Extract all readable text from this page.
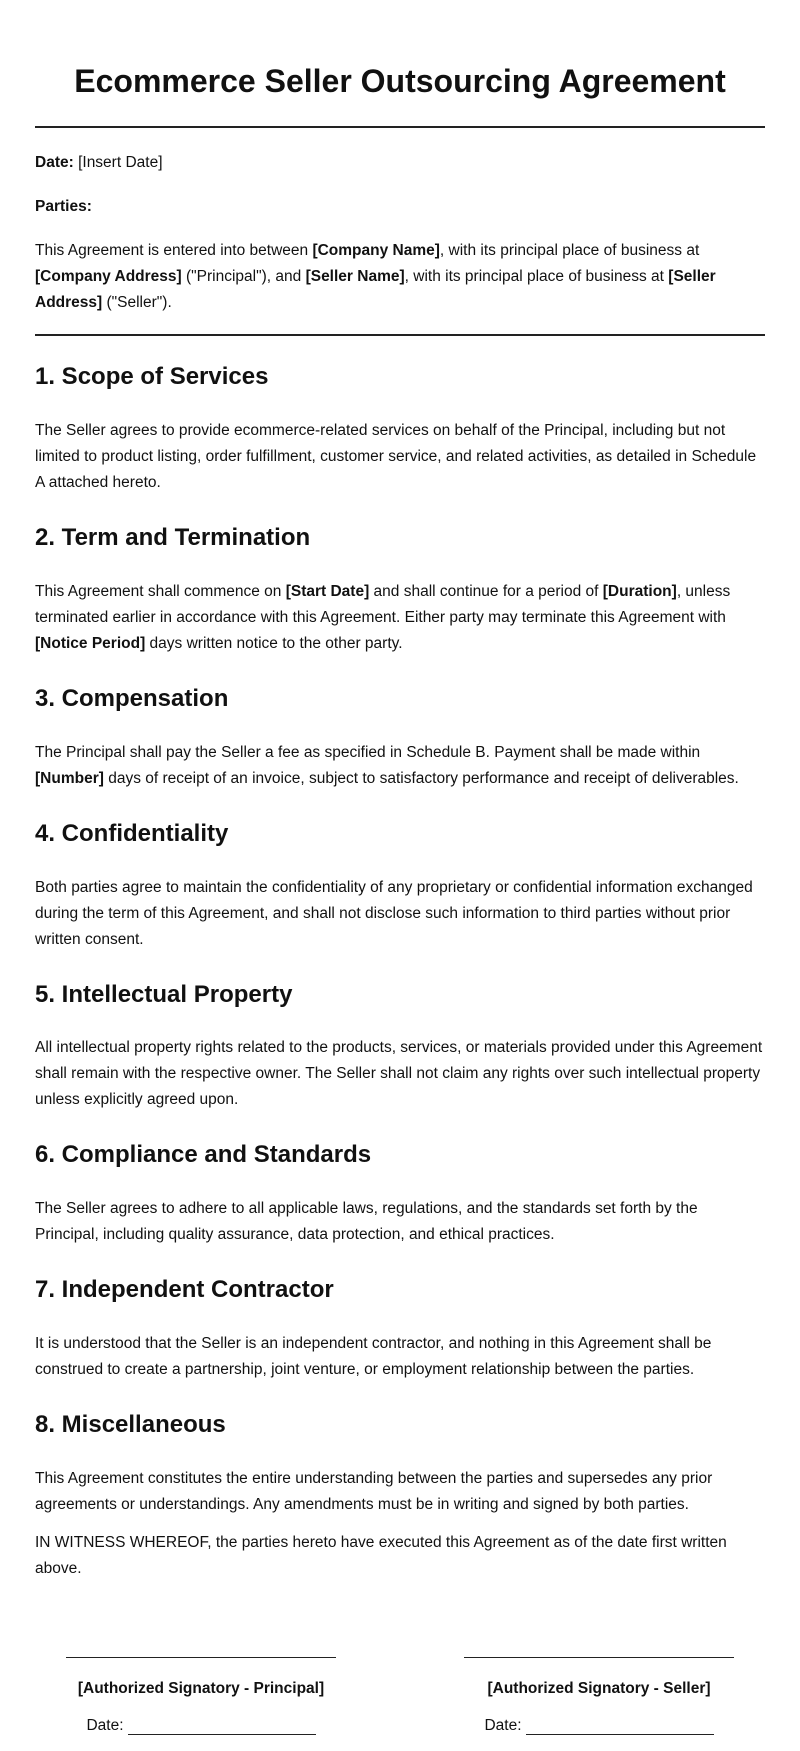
Ecommerce Seller Outsourcing Agreement

Date: [Insert Date]

Parties:

This Agreement is entered into between [Company Name], with its principal place of business at [Company Address] ("Principal"), and [Seller Name], with its principal place of business at [Seller Address] ("Seller").

1. Scope of Services

The Seller agrees to provide ecommerce-related services on behalf of the Principal, including but not limited to product listing, order fulfillment, customer service, and related activities, as detailed in Schedule A attached hereto.

2. Term and Termination

This Agreement shall commence on [Start Date] and shall continue for a period of [Duration], unless terminated earlier in accordance with this Agreement. Either party may terminate this Agreement with [Notice Period] days written notice to the other party.

3. Compensation

The Principal shall pay the Seller a fee as specified in Schedule B. Payment shall be made within [Number] days of receipt of an invoice, subject to satisfactory performance and receipt of deliverables.

4. Confidentiality

Both parties agree to maintain the confidentiality of any proprietary or confidential information exchanged during the term of this Agreement, and shall not disclose such information to third parties without prior written consent.

5. Intellectual Property

All intellectual property rights related to the products, services, or materials provided under this Agreement shall remain with the respective owner. The Seller shall not claim any rights over such intellectual property unless explicitly agreed upon.

6. Compliance and Standards

The Seller agrees to adhere to all applicable laws, regulations, and the standards set forth by the Principal, including quality assurance, data protection, and ethical practices.

7. Independent Contractor

It is understood that the Seller is an independent contractor, and nothing in this Agreement shall be construed to create a partnership, joint venture, or employment relationship between the parties.

8. Miscellaneous

This Agreement constitutes the entire understanding between the parties and supersedes any prior agreements or understandings. Any amendments must be in writing and signed by both parties.

IN WITNESS WHEREOF, the parties hereto have executed this Agreement as of the date first written above.

[Authorized Signatory - Principal]
Date:
[Authorized Signatory - Seller]
Date:
